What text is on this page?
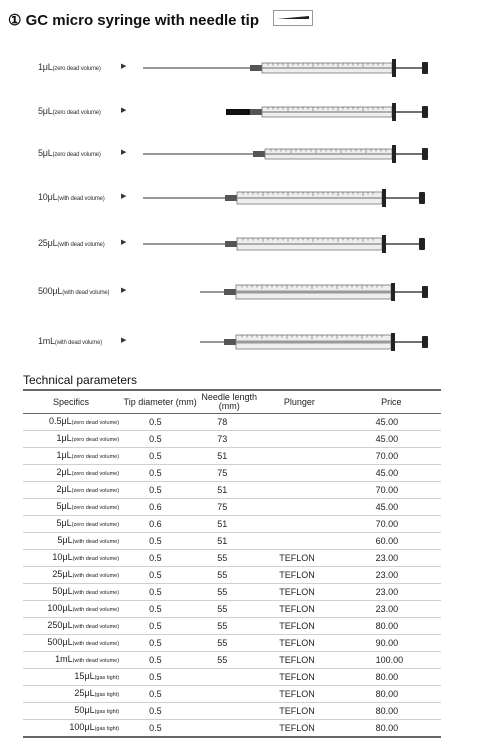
① GC micro syringe with needle tip
1μL(zero dead volume)	▶
5μL(zero dead volume)	▶
5μL(zero dead volume)	▶
10μL(with dead volume) ▶
25μL(with dead volume) ▶
500μL(with dead volume) ▶
1mL(with dead volume)	▶
Technical parameters
Specifics	Tip diameter (mm)	Needle length (mm)	Plunger	Price
0.5μL(zero dead volume)	0.5	78		45.00
1μL(zero dead volume)	0.5	73		45.00
1μL(zero dead volume)	0.5	51		70.00
2μL(zero dead volume)	0.5	75		45.00
2μL(zero dead volume)	0.5	51		70.00
5μL(zero dead volume)	0.6	75		45.00
5μL(zero dead volume)	0.6	51		70.00
5μL(with dead volume)	0.5	51		60.00
10μL(with dead volume)	0.5	55	TEFLON	23.00
25μL(with dead volume)	0.5	55	TEFLON	23.00
50μL(with dead volume)	0.5	55	TEFLON	23.00
100μL(with dead volume)	0.5	55	TEFLON	23.00
250μL(with dead volume)	0.5	55	TEFLON	80.00
500μL(with dead volume)	0.5	55	TEFLON	90.00
1mL(with dead volume)	0.5	55	TEFLON	100.00
15μL(gas tight)	0.5		TEFLON	80.00
25μL(gas tight)	0.5		TEFLON	80.00
50μL(gas tight)	0.5		TEFLON	80.00
100μL(gas tight)	0.5		TEFLON	80.00
